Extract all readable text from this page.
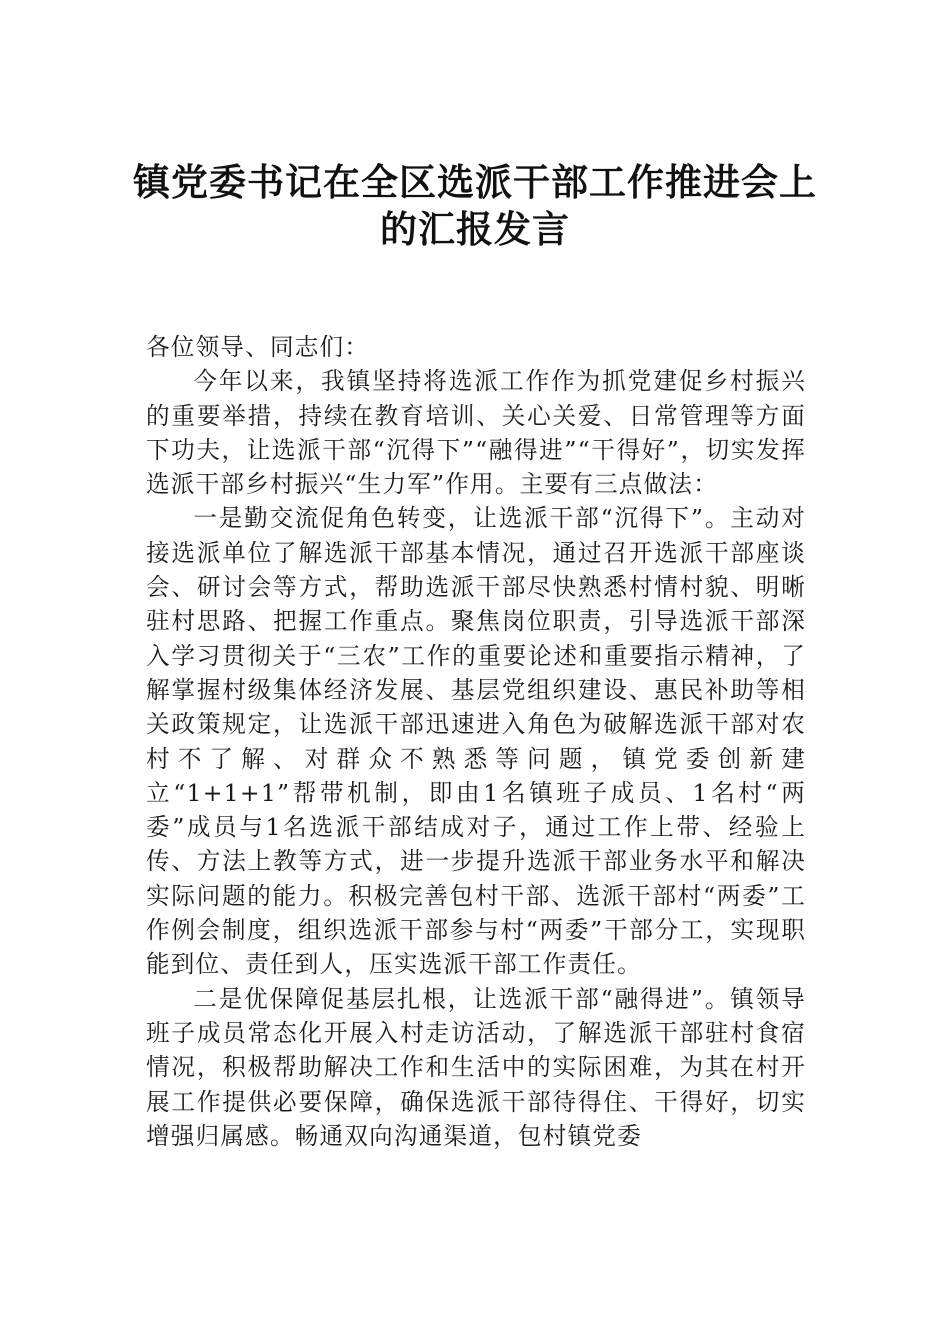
镇党委书记在全区选派干部工作推进会上
的汇报发言

各位领导、同志们：

今年以来，我镇坚持将选派工作作为抓党建促乡村振兴的重要举措，持续在教育培训、关心关爱、日常管理等方面下功夫，让选派干部“沉得下”“融得进”“干得好”，切实发挥选派干部乡村振兴“生力军”作用。主要有三点做法：

一是勤交流促角色转变，让选派干部“沉得下”。主动对接选派单位了解选派干部基本情况，通过召开选派干部座谈会、研讨会等方式，帮助选派干部尽快熟悉村情村貌、明晰驻村思路、把握工作重点。聚焦岗位职责，引导选派干部深入学习贯彻关于“三农”工作的重要论述和重要指示精神，了解掌握村级集体经济发展、基层党组织建设、惠民补助等相关政策规定，让选派干部迅速进入角色为破解选派干部对农村不了解、对群众不熟悉等问题，镇党委创新建立“1+1+1”帮带机制，即由1名镇班子成员、1名村“两委”成员与1名选派干部结成对子，通过工作上带、经验上传、方法上教等方式，进一步提升选派干部业务水平和解决实际问题的能力。积极完善包村干部、选派干部村“两委”工作例会制度，组织选派干部参与村“两委”干部分工，实现职能到位、责任到人，压实选派干部工作责任。

二是优保障促基层扎根，让选派干部“融得进”。镇领导班子成员常态化开展入村走访活动，了解选派干部驻村食宿情况，积极帮助解决工作和生活中的实际困难，为其在村开展工作提供必要保障，确保选派干部待得住、干得好，切实增强归属感。畅通双向沟通渠道，包村镇党委
